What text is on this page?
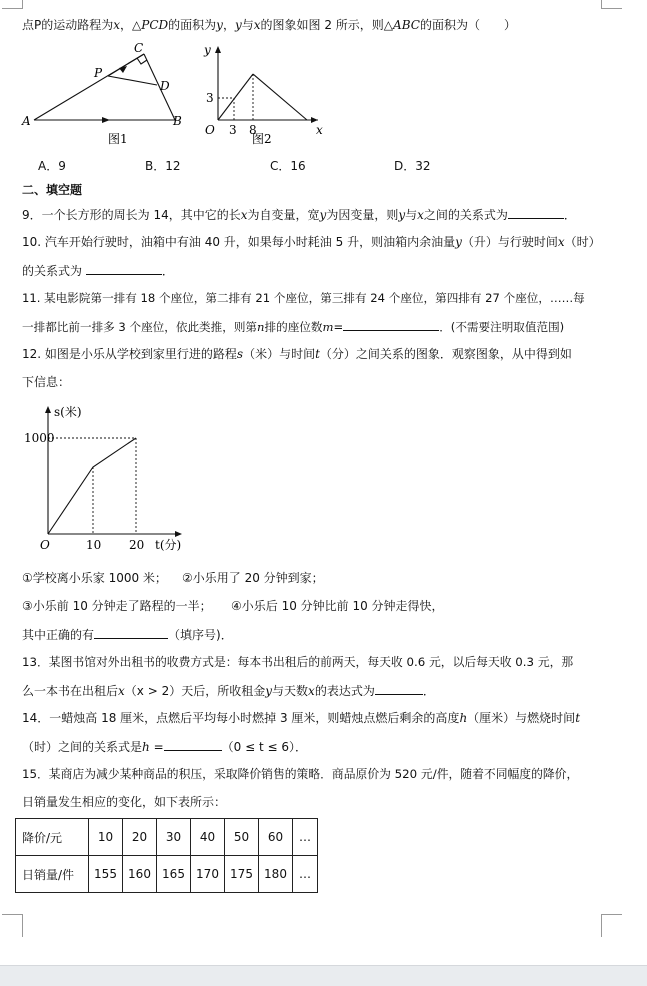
点P的运动路程为x，△PCD的面积为y，y与x的图象如图 2 所示，则△ABC的面积为（　　）
A	B
C
D
P
图1
y
x
O
3
3 8
图2
A．9	B．12	C．16	D．32
二、填空题
9．一个长方形的周长为 14，其中它的长x为自变量，宽y为因变量，则y与x之间的关系式为	．
10. 汽车开始行驶时，油箱中有油 40 升，如果每小时耗油 5 升，则油箱内余油量y（升）与行驶时间x（时）
的关系式为	．
11. 某电影院第一排有 18 个座位，第二排有 21 个座位，第三排有 24 个座位，第四排有 27 个座位，……每
一排都比前一排多 3 个座位，依此类推，则第n排的座位数m=	．(不需要注明取值范围)
12. 如图是小乐从学校到家里行进的路程s（米）与时间t（分）之间关系的图象．观察图象，从中得到如
下信息：
s(米)
1000
O	10 20 t(分)
①学校离小乐家 1000 米； ②小乐用了 20 分钟到家；
③小乐前 10 分钟走了路程的一半； ④小乐后 10 分钟比前 10 分钟走得快，
其中正确的有	（填序号)．
13．某图书馆对外出租书的收费方式是：每本书出租后的前两天，每天收 0.6 元，以后每天收 0.3 元，那
么一本书在出租后x（x > 2）天后，所收租金y与天数x的表达式为	．
14．一蜡烛高 18 厘米，点燃后平均每小时燃掉 3 厘米，则蜡烛点燃后剩余的高度h（厘米）与燃烧时间t
（时）之间的关系式是h =	（0 ≤ t ≤ 6）．
15．某商店为减少某种商品的积压，采取降价销售的策略．商品原价为 520 元/件，随着不同幅度的降价，
日销量发生相应的变化，如下表所示：
降价/元	10	20	30	40	50	60	…
日销量/件	155	160	165	170	175	180	…
